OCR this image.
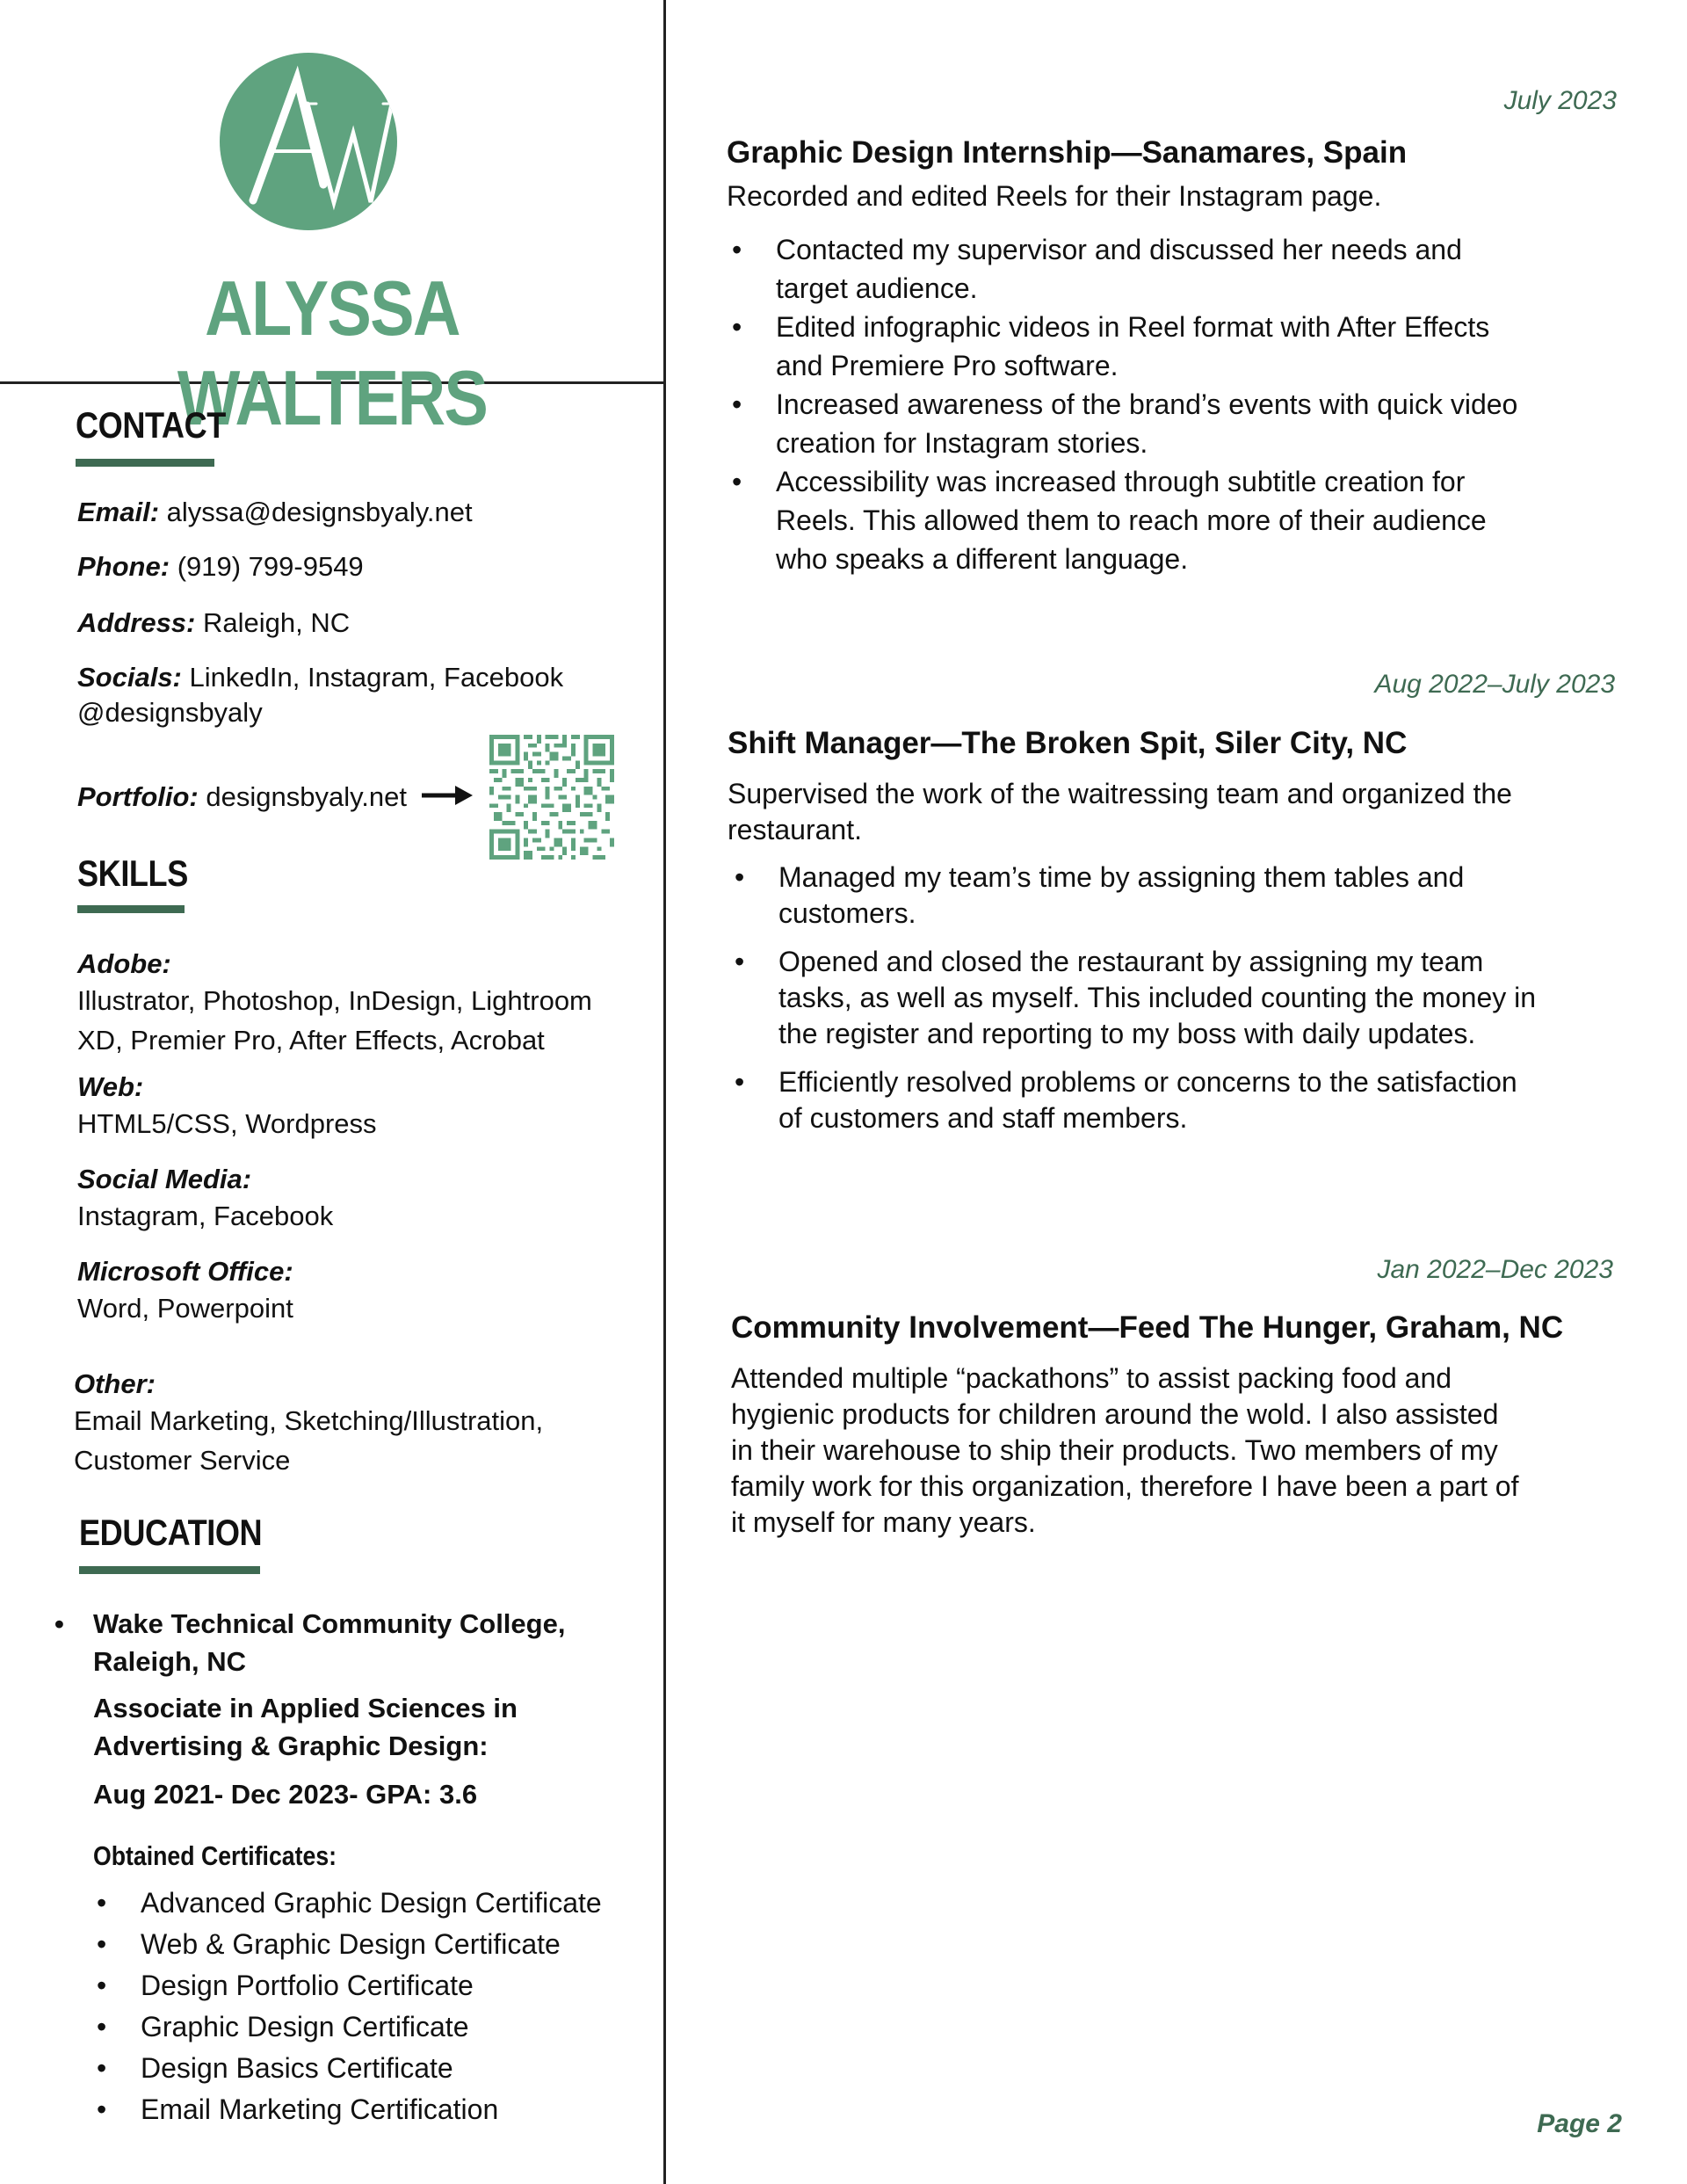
ALYSSA WALTERS
CONTACT
Email: alyssa@designsbyaly.net
Phone: (919) 799-9549
Address: Raleigh, NC
Socials: LinkedIn, Instagram, Facebook
@designsbyaly
Portfolio: designsbyaly.net
SKILLS
Adobe:
Illustrator, Photoshop, InDesign, Lightroom
XD, Premier Pro, After Effects, Acrobat
Web:
HTML5/CSS, Wordpress
Social Media:
Instagram, Facebook
Microsoft Office:
Word, Powerpoint
Other:
Email Marketing, Sketching/Illustration,
Customer Service
EDUCATION
• Wake Technical Community College,
Raleigh, NC
Associate in Applied Sciences in
Advertising & Graphic Design:
Aug 2021- Dec 2023- GPA: 3.6
Obtained Certificates:
• Advanced Graphic Design Certificate
• Web & Graphic Design Certificate
• Design Portfolio Certificate
• Graphic Design Certificate
• Design Basics Certificate
• Email Marketing Certification
July 2023
Graphic Design Internship—Sanamares, Spain
Recorded and edited Reels for their Instagram page.
• Contacted my supervisor and discussed her needs and
target audience.
• Edited infographic videos in Reel format with After Effects
and Premiere Pro software.
• Increased awareness of the brand’s events with quick video
creation for Instagram stories.
• Accessibility was increased through subtitle creation for
Reels. This allowed them to reach more of their audience
who speaks a different language.
Aug 2022–July 2023
Shift Manager—The Broken Spit, Siler City, NC
Supervised the work of the waitressing team and organized the
restaurant.
• Managed my team’s time by assigning them tables and
customers.
• Opened and closed the restaurant by assigning my team
tasks, as well as myself. This included counting the money in
the register and reporting to my boss with daily updates.
• Efficiently resolved problems or concerns to the satisfaction
of customers and staff members.
Jan 2022–Dec 2023
Community Involvement—Feed The Hunger, Graham, NC
Attended multiple “packathons” to assist packing food and
hygienic products for children around the wold. I also assisted
in their warehouse to ship their products. Two members of my
family work for this organization, therefore I have been a part of
it myself for many years.
Page 2
